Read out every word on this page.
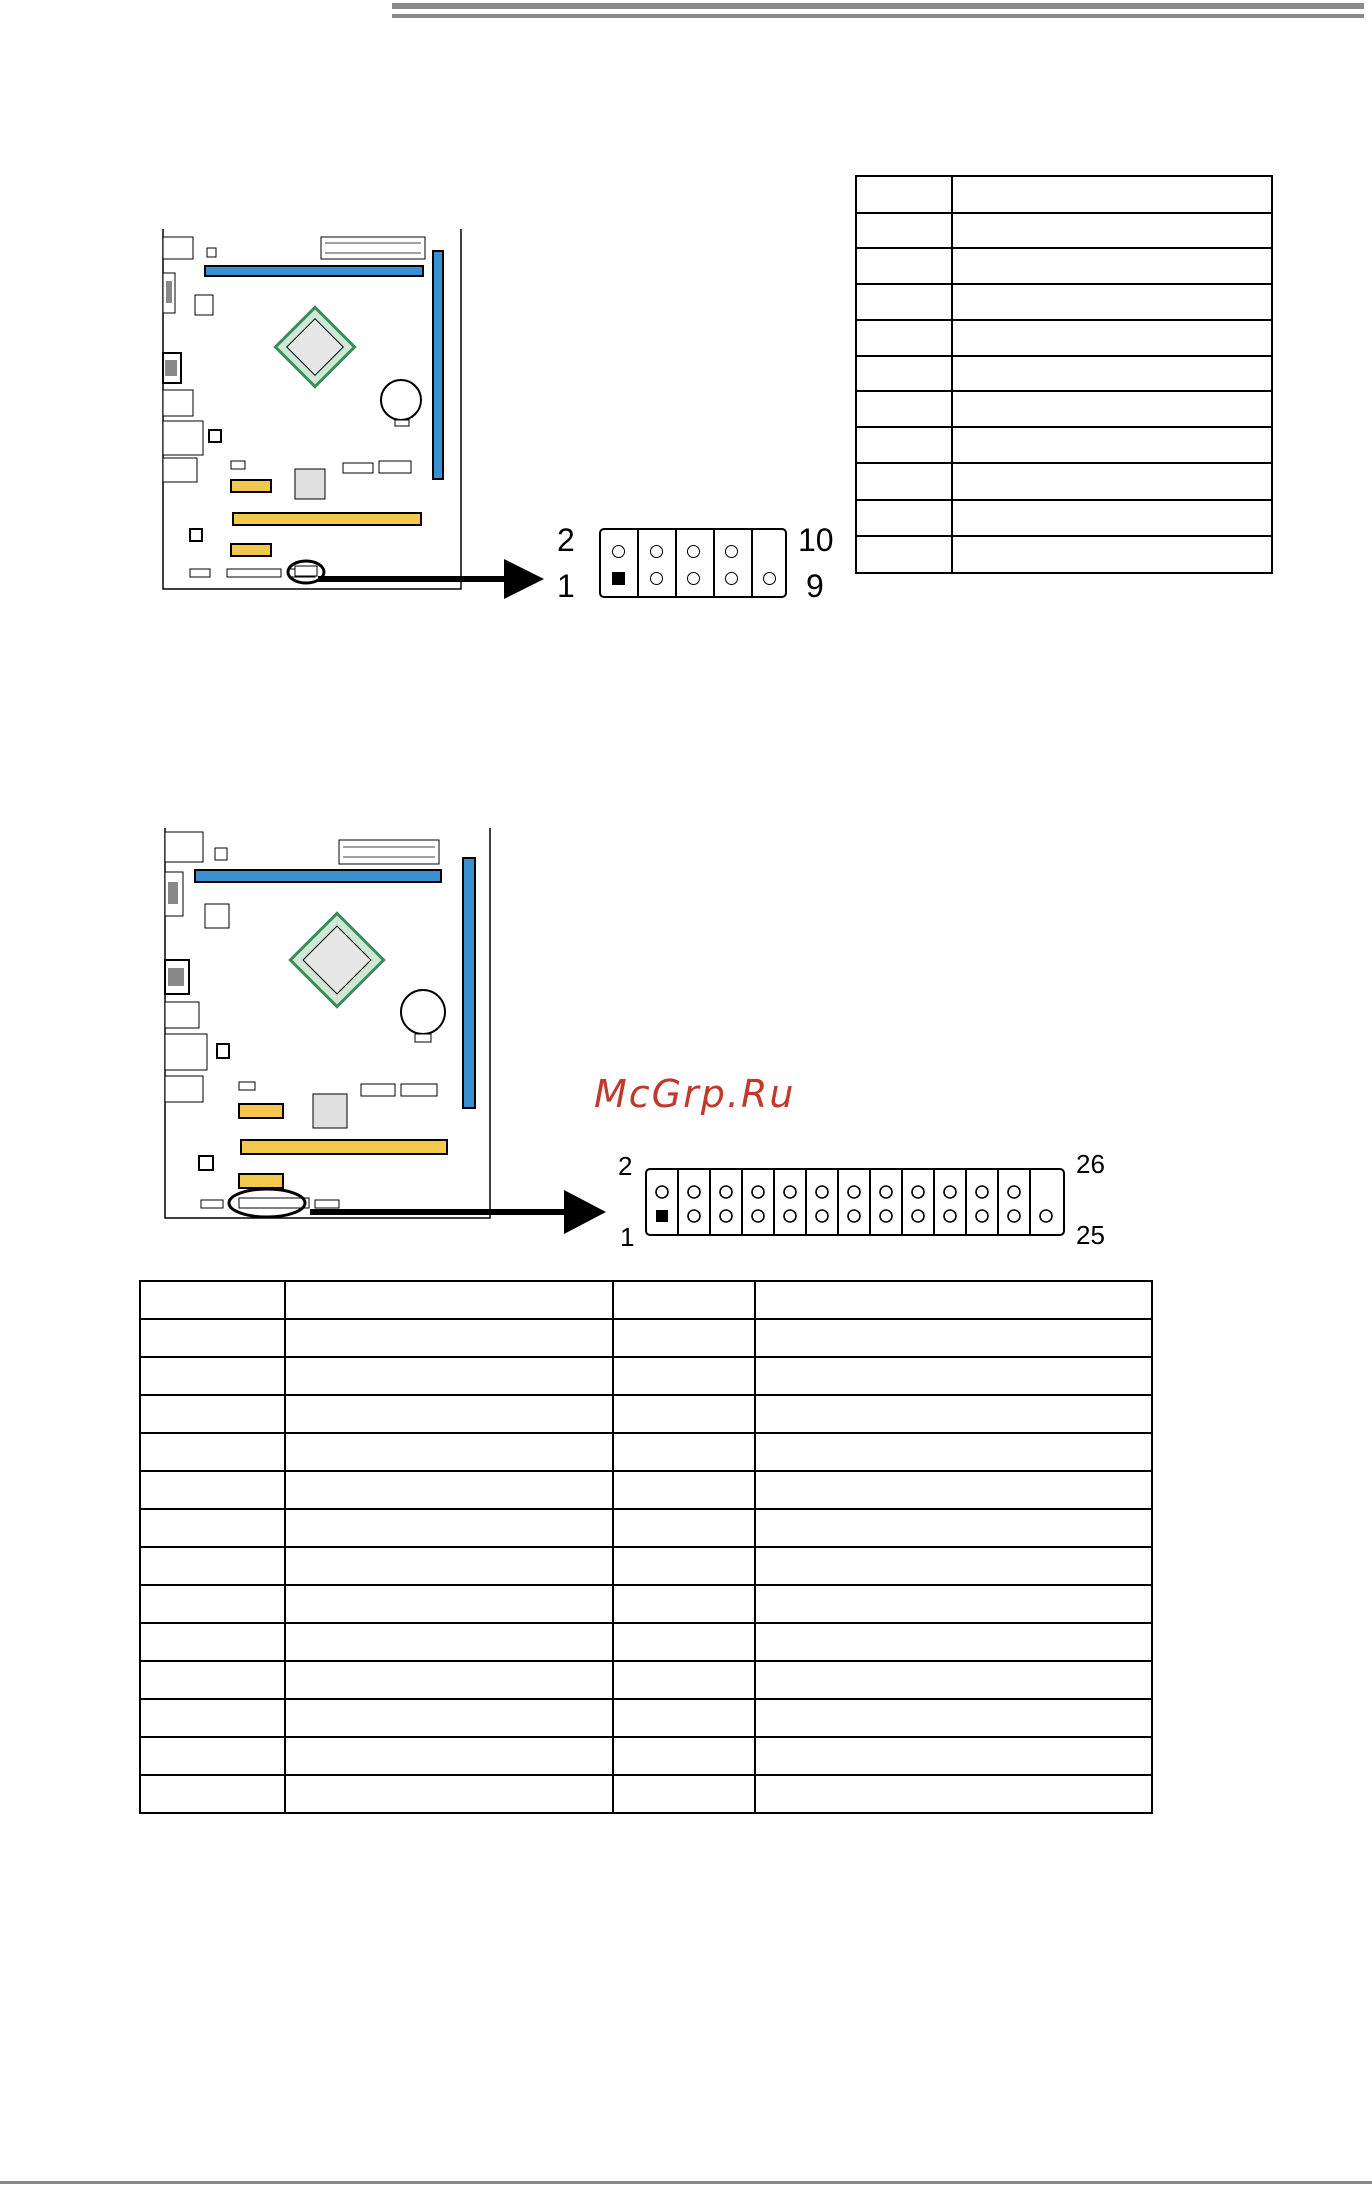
2
1
10
9

2
1
26
25
McGrp.Ru
